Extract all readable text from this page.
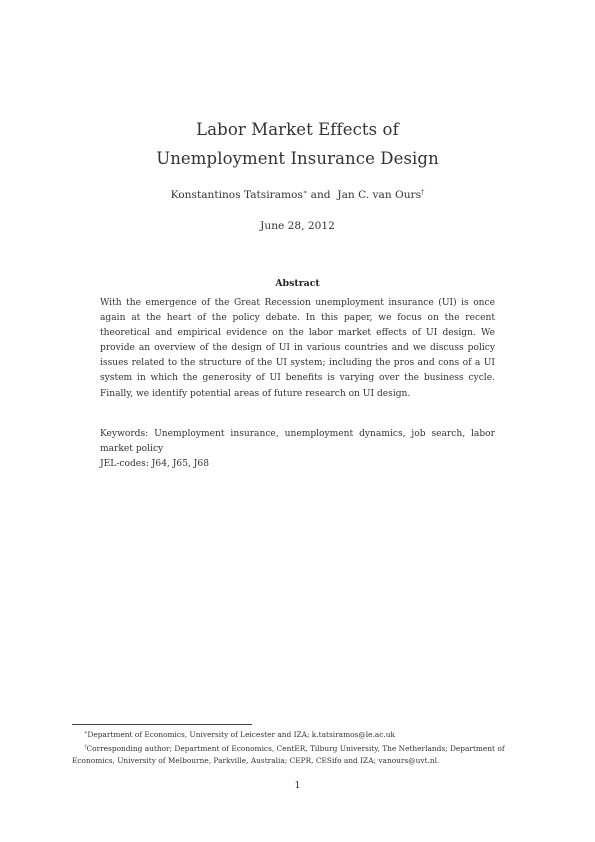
Labor Market Effects of
Unemployment Insurance Design
Konstantinos Tatsiramos∗ and Jan C. van Ours†
June 28, 2012
Abstract
With the emergence of the Great Recession unemployment insurance (UI) is once again at the heart of the policy debate. In this paper, we focus on the recent theoretical and empirical evidence on the labor market effects of UI design. We provide an overview of the design of UI in various countries and we discuss policy issues related to the structure of the UI system; including the pros and cons of a UI system in which the generosity of UI benefits is varying over the business cycle. Finally, we identify potential areas of future research on UI design.
Keywords: Unemployment insurance, unemployment dynamics, job search, labor market policy
JEL-codes: J64, J65, J68
∗Department of Economics, University of Leicester and IZA; k.tatsiramos@le.ac.uk
†Corresponding author; Department of Economics, CentER, Tilburg University, The Netherlands; Department of Economics, University of Melbourne, Parkville, Australia; CEPR, CESifo and IZA; vanours@uvt.nl.
1
